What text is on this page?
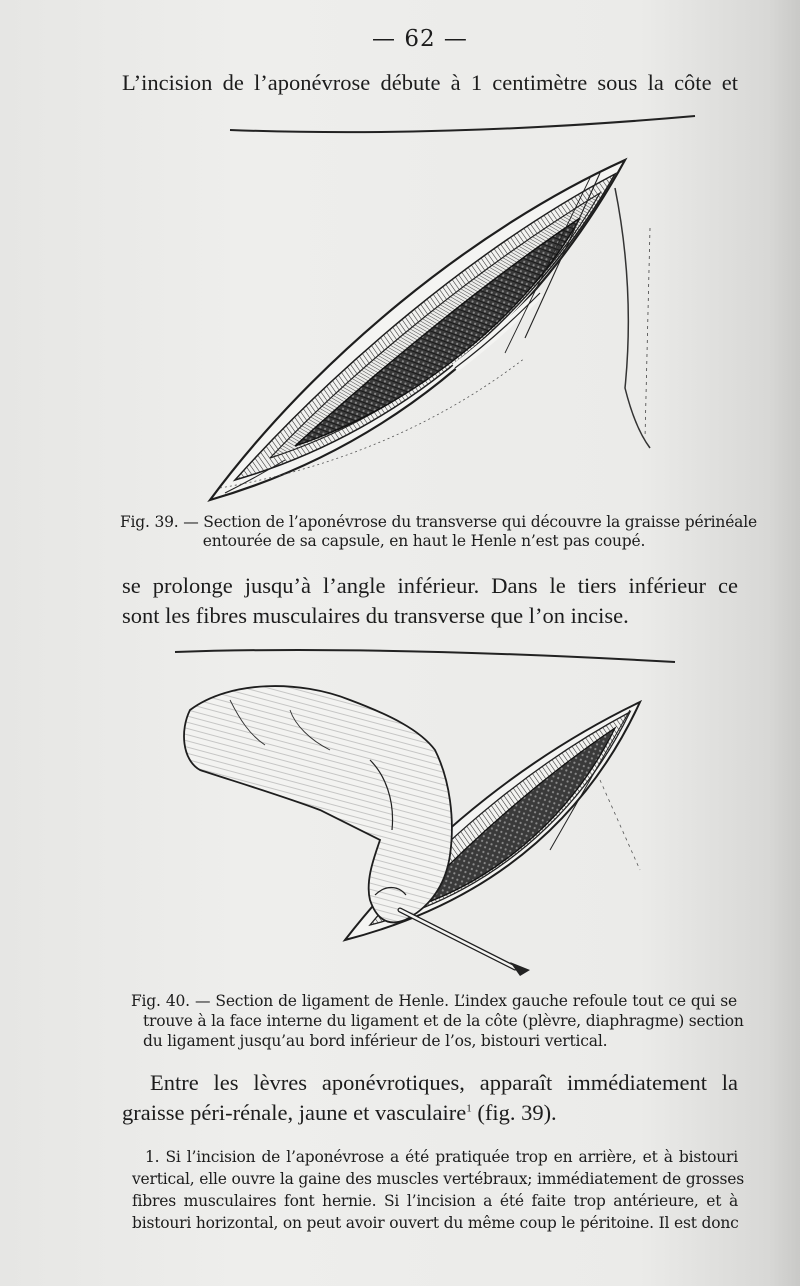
— 62 —
L’incision de l’aponévrose débute à 1 centimètre sous la côte et
Fig. 39. — Section de l’aponévrose du transverse qui découvre la graisse périnéale
entourée de sa capsule, en haut le Henle n’est pas coupé.
se prolonge jusqu’à l’angle inférieur. Dans le tiers inférieur ce
sont les fibres musculaires du transverse que l’on incise.
Fig. 40. — Section de ligament de Henle. L’index gauche refoule tout ce qui se
trouve à la face interne du ligament et de la côte (plèvre, diaphragme) section
du ligament jusqu’au bord inférieur de l’os, bistouri vertical.
Entre les lèvres aponévrotiques, apparaît immédiatement la
graisse péri-rénale, jaune et vasculaire$^1$ (fig. 39).
1. Si l’incision de l’aponévrose a été pratiquée trop en arrière, et à bistouri
vertical, elle ouvre la gaine des muscles vertébraux; immédiatement de grosses
fibres musculaires font hernie. Si l’incision a été faite trop antérieure, et à
bistouri horizontal, on peut avoir ouvert du même coup le péritoine. Il est donc
